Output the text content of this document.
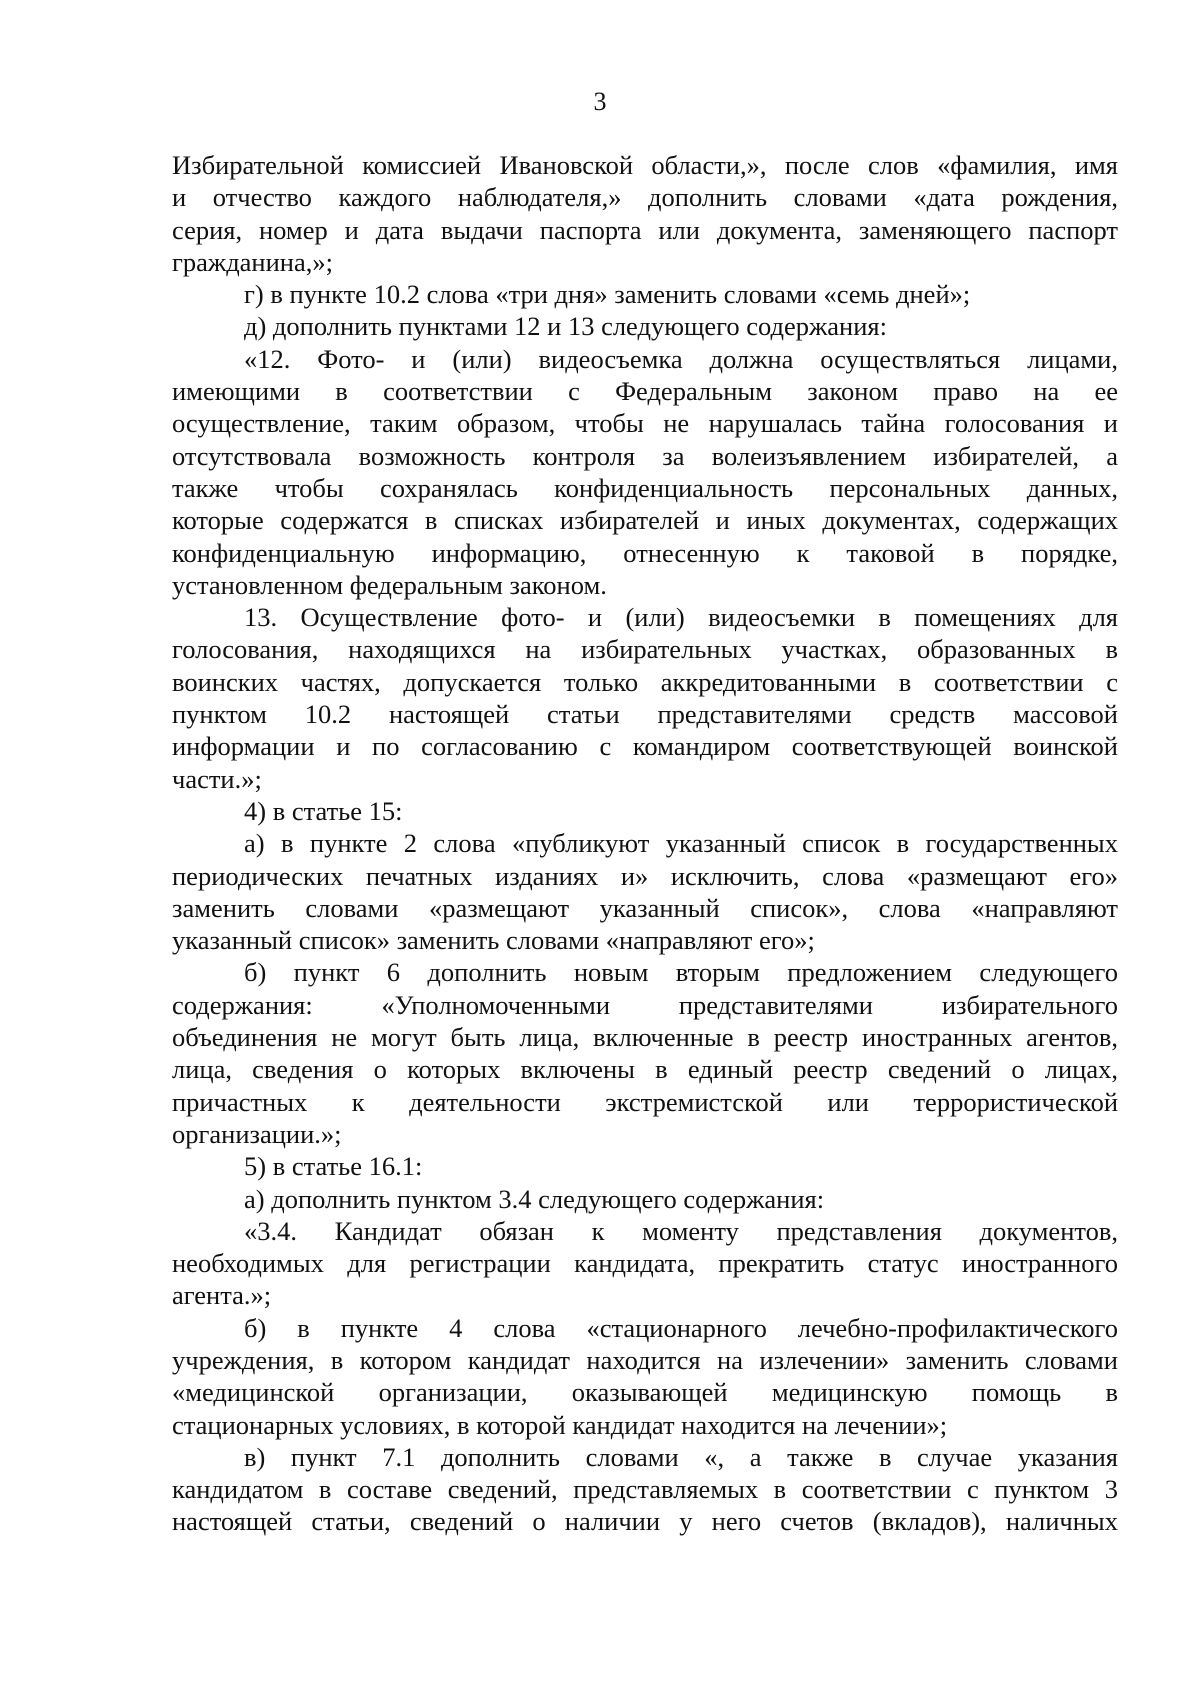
3
Избирательной комиссией Ивановской области,», после слов «фамилия, имя
и отчество каждого наблюдателя,» дополнить словами «дата рождения,
серия, номер и дата выдачи паспорта или документа, заменяющего паспорт
гражданина,»;
г) в пункте 10.2 слова «три дня» заменить словами «семь дней»;
д) дополнить пунктами 12 и 13 следующего содержания:
«12. Фото- и (или) видеосъемка должна осуществляться лицами,
имеющими в соответствии с Федеральным законом право на ее
осуществление, таким образом, чтобы не нарушалась тайна голосования и
отсутствовала возможность контроля за волеизъявлением избирателей, а
также чтобы сохранялась конфиденциальность персональных данных,
которые содержатся в списках избирателей и иных документах, содержащих
конфиденциальную информацию, отнесенную к таковой в порядке,
установленном федеральным законом.
13. Осуществление фото- и (или) видеосъемки в помещениях для
голосования, находящихся на избирательных участках, образованных в
воинских частях, допускается только аккредитованными в соответствии с
пунктом 10.2 настоящей статьи представителями средств массовой
информации и по согласованию с командиром соответствующей воинской
части.»;
4) в статье 15:
а) в пункте 2 слова «публикуют указанный список в государственных
периодических печатных изданиях и» исключить, слова «размещают его»
заменить словами «размещают указанный список», слова «направляют
указанный список» заменить словами «направляют его»;
б) пункт 6 дополнить новым вторым предложением следующего
содержания: «Уполномоченными представителями избирательного
объединения не могут быть лица, включенные в реестр иностранных агентов,
лица, сведения о которых включены в единый реестр сведений о лицах,
причастных к деятельности экстремистской или террористической
организации.»;
5) в статье 16.1:
а) дополнить пунктом 3.4 следующего содержания:
«3.4. Кандидат обязан к моменту представления документов,
необходимых для регистрации кандидата, прекратить статус иностранного
агента.»;
б) в пункте 4 слова «стационарного лечебно-профилактического
учреждения, в котором кандидат находится на излечении» заменить словами
«медицинской организации, оказывающей медицинскую помощь в
стационарных условиях, в которой кандидат находится на лечении»;
в) пункт 7.1 дополнить словами «, а также в случае указания
кандидатом в составе сведений, представляемых в соответствии с пунктом 3
настоящей статьи, сведений о наличии у него счетов (вкладов), наличных
